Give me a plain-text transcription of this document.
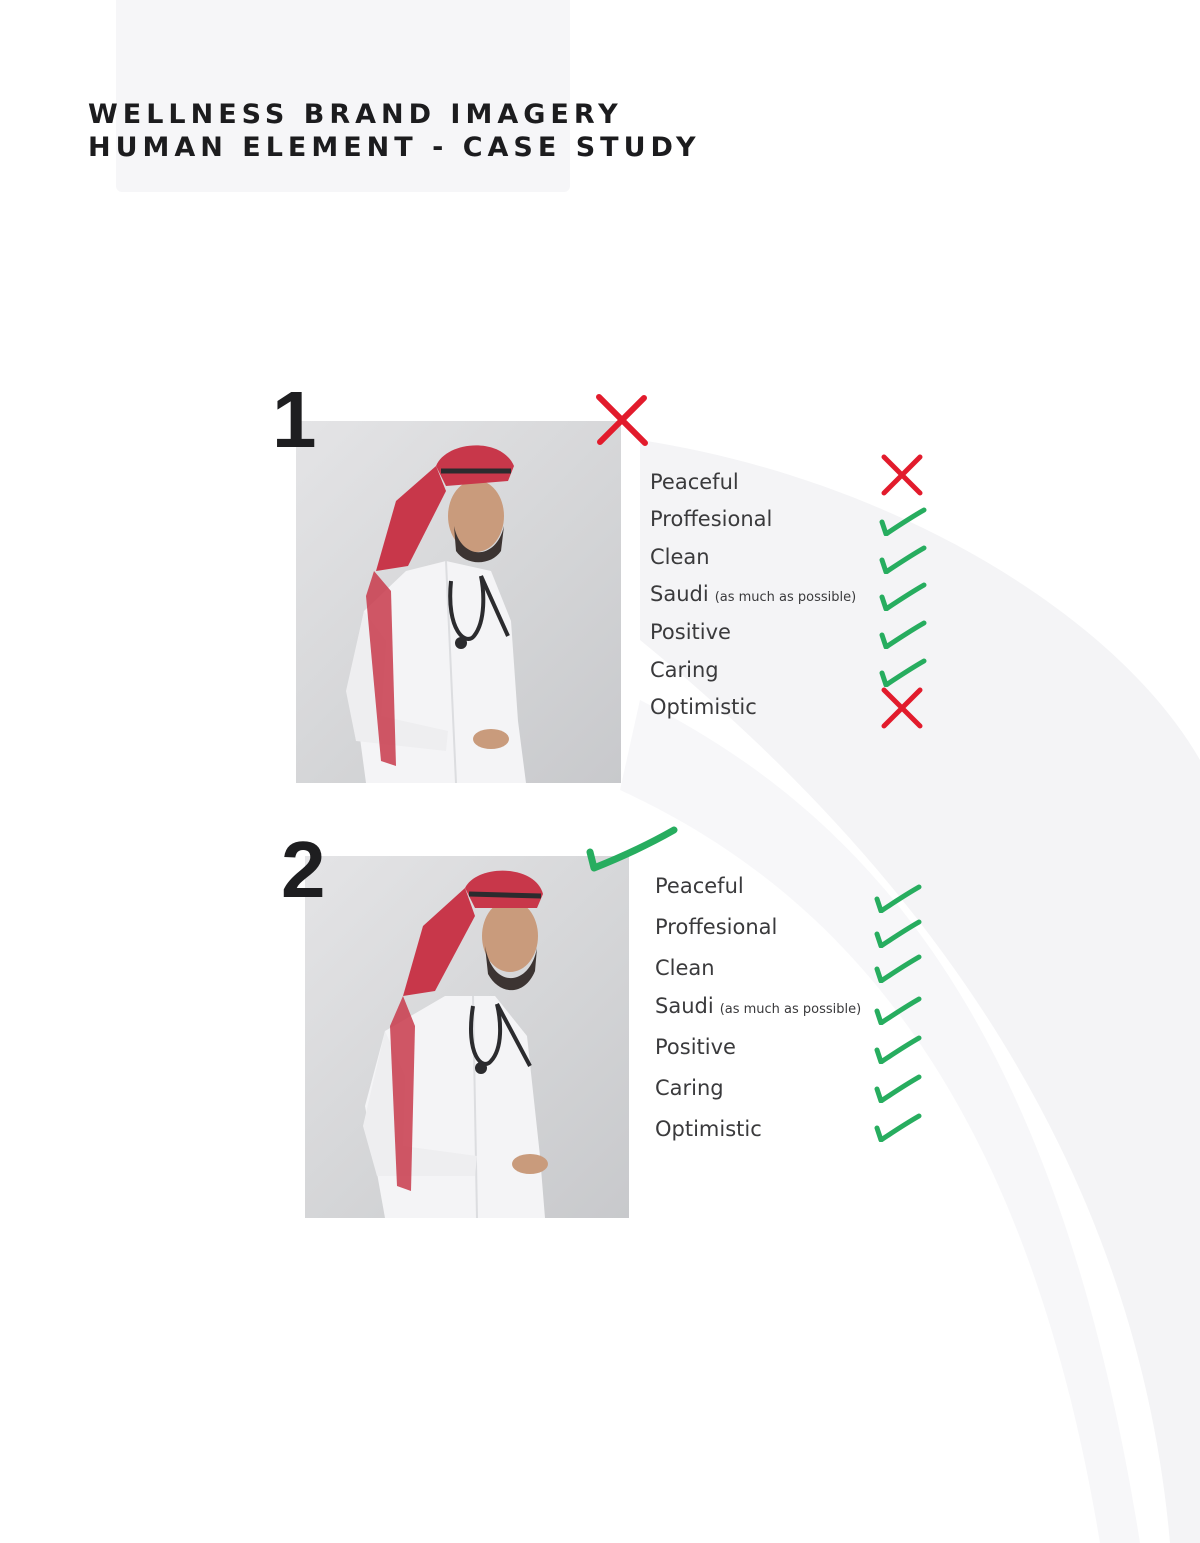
WELLNESS BRAND IMAGERY
HUMAN ELEMENT - CASE STUDY
1
Peaceful
Proffesional
Clean
Saudi (as much as possible)
Positive
Caring
Optimistic
2	Peaceful
Proffesional
Clean
Saudi (as much as possible)
Positive
Caring
Optimistic
